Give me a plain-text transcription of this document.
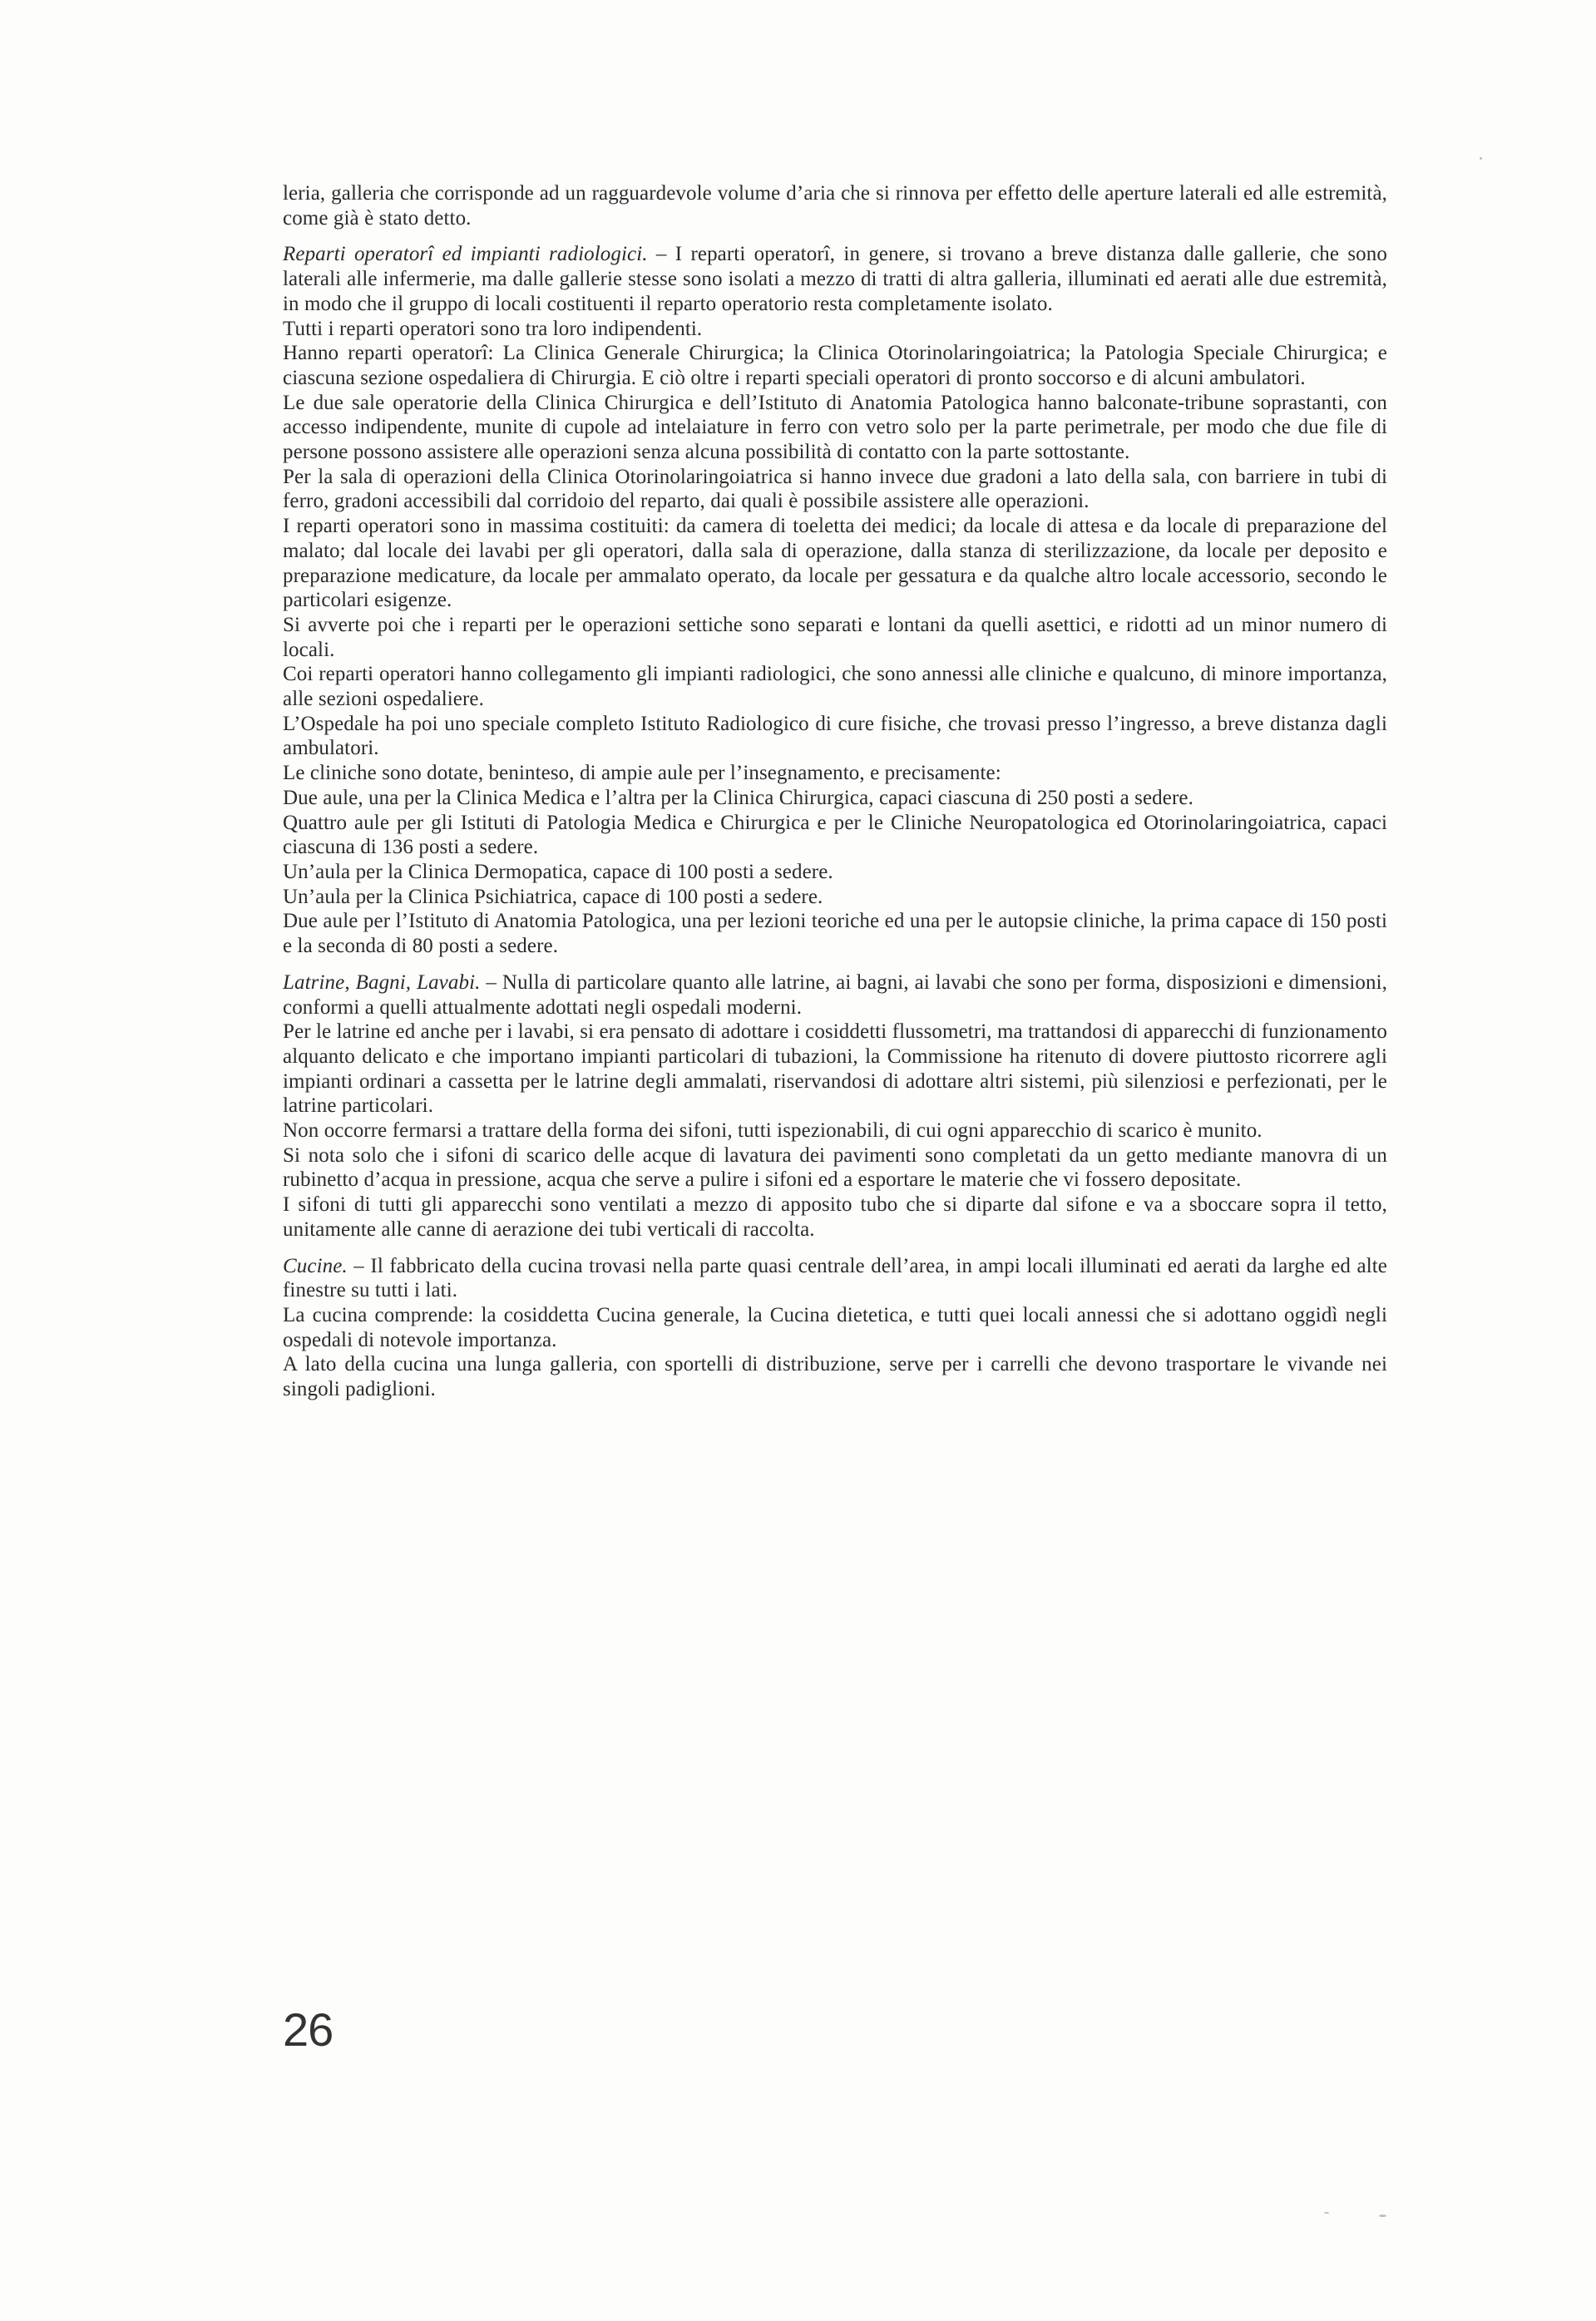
leria, galleria che corrisponde ad un ragguardevole volume d’aria che si rinnova per effetto delle aperture laterali ed alle estremità, come già è stato detto.

Reparti operatorî ed impianti radiologici. – I reparti operatorî, in genere, si trovano a breve distanza dalle gallerie, che sono laterali alle infermerie, ma dalle gallerie stesse sono isolati a mezzo di tratti di altra galleria, illuminati ed aerati alle due estremità, in modo che il gruppo di locali costituenti il reparto operatorio resta completamente isolato.

Tutti i reparti operatori sono tra loro indipendenti.

Hanno reparti operatorî: La Clinica Generale Chirurgica; la Clinica Otorinolaringoiatrica; la Patologia Speciale Chirurgica; e ciascuna sezione ospedaliera di Chirurgia. E ciò oltre i reparti speciali operatori di pronto soccorso e di alcuni ambulatori.

Le due sale operatorie della Clinica Chirurgica e dell’Istituto di Anatomia Patologica hanno balconate-tribune soprastanti, con accesso indipendente, munite di cupole ad intelaiature in ferro con vetro solo per la parte perimetrale, per modo che due file di persone possono assistere alle operazioni senza alcuna possibilità di contatto con la parte sottostante.

Per la sala di operazioni della Clinica Otorinolaringoiatrica si hanno invece due gradoni a lato della sala, con barriere in tubi di ferro, gradoni accessibili dal corridoio del reparto, dai quali è possibile assistere alle operazioni.

I reparti operatori sono in massima costituiti: da camera di toeletta dei medici; da locale di attesa e da locale di preparazione del malato; dal locale dei lavabi per gli operatori, dalla sala di operazione, dalla stanza di sterilizzazione, da locale per deposito e preparazione medicature, da locale per ammalato operato, da locale per gessatura e da qualche altro locale accessorio, secondo le particolari esigenze.

Si avverte poi che i reparti per le operazioni settiche sono separati e lontani da quelli asettici, e ridotti ad un minor numero di locali.

Coi reparti operatori hanno collegamento gli impianti radiologici, che sono annessi alle cliniche e qualcuno, di minore importanza, alle sezioni ospedaliere.

L’Ospedale ha poi uno speciale completo Istituto Radiologico di cure fisiche, che trovasi presso l’ingresso, a breve distanza dagli ambulatori.

Le cliniche sono dotate, beninteso, di ampie aule per l’insegnamento, e precisamente:

Due aule, una per la Clinica Medica e l’altra per la Clinica Chirurgica, capaci ciascuna di 250 posti a sedere.

Quattro aule per gli Istituti di Patologia Medica e Chirurgica e per le Cliniche Neuropatologica ed Otorinolaringoiatrica, capaci ciascuna di 136 posti a sedere.

Un’aula per la Clinica Dermopatica, capace di 100 posti a sedere.

Un’aula per la Clinica Psichiatrica, capace di 100 posti a sedere.

Due aule per l’Istituto di Anatomia Patologica, una per lezioni teoriche ed una per le autopsie cliniche, la prima capace di 150 posti e la seconda di 80 posti a sedere.

Latrine, Bagni, Lavabi. – Nulla di particolare quanto alle latrine, ai bagni, ai lavabi che sono per forma, disposizioni e dimensioni, conformi a quelli attualmente adottati negli ospedali moderni.

Per le latrine ed anche per i lavabi, si era pensato di adottare i cosiddetti flussometri, ma trattandosi di apparecchi di funzionamento alquanto delicato e che importano impianti particolari di tubazioni, la Commissione ha ritenuto di dovere piuttosto ricorrere agli impianti ordinari a cassetta per le latrine degli ammalati, riservandosi di adottare altri sistemi, più silenziosi e perfezionati, per le latrine particolari.

Non occorre fermarsi a trattare della forma dei sifoni, tutti ispezionabili, di cui ogni apparecchio di scarico è munito.

Si nota solo che i sifoni di scarico delle acque di lavatura dei pavimenti sono completati da un getto mediante manovra di un rubinetto d’acqua in pressione, acqua che serve a pulire i sifoni ed a esportare le materie che vi fossero depositate.

I sifoni di tutti gli apparecchi sono ventilati a mezzo di apposito tubo che si diparte dal sifone e va a sboccare sopra il tetto, unitamente alle canne di aerazione dei tubi verticali di raccolta.

Cucine. – Il fabbricato della cucina trovasi nella parte quasi centrale dell’area, in ampi locali illuminati ed aerati da larghe ed alte finestre su tutti i lati.

La cucina comprende: la cosiddetta Cucina generale, la Cucina dietetica, e tutti quei locali annessi che si adottano oggidì negli ospedali di notevole importanza.

A lato della cucina una lunga galleria, con sportelli di distribuzione, serve per i carrelli che devono trasportare le vivande nei singoli padiglioni.

26
